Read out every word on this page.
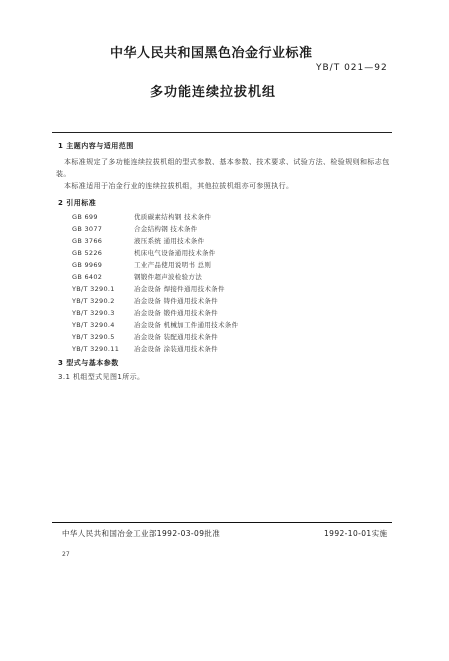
中华人民共和国黑色冶金行业标准
YB/T 021—92
多功能连续拉拔机组
1 主题内容与适用范围
本标准规定了多功能连续拉拔机组的型式参数、基本参数、技术要求、试验方法、检验规则和标志包
装。
本标准适用于冶金行业的连续拉拔机组，其他拉拔机组亦可参照执行。
2 引用标准
GB 699	优质碳素结构钢 技术条件
GB 3077	合金结构钢 技术条件
GB 3766	液压系统 通用技术条件
GB 5226	机床电气设备通用技术条件
GB 9969	工业产品使用说明书 总则
GB 6402	钢锻件超声波检验方法
YB/T 3290.1	冶金设备 焊接件通用技术条件
YB/T 3290.2	冶金设备 铸件通用技术条件
YB/T 3290.3	冶金设备 锻件通用技术条件
YB/T 3290.4	冶金设备 机械加工件通用技术条件
YB/T 3290.5	冶金设备 装配通用技术条件
YB/T 3290.11 冶金设备 涂装通用技术条件
3 型式与基本参数
3.1 机组型式见图1所示。
中华人民共和国冶金工业部1992-03-09批准	1992-10-01实施
27
